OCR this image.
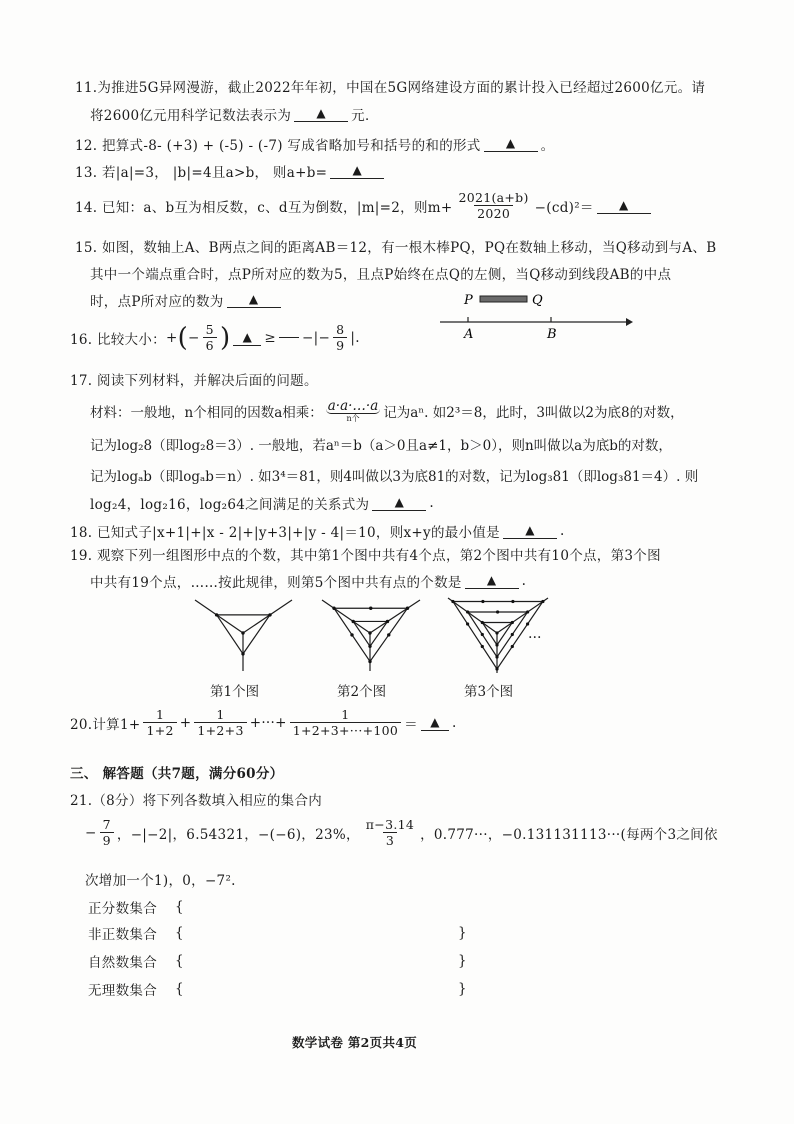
11.为推进5G异网漫游，截止2022年年初，中国在5G网络建设方面的累计投入已经超过2600亿元。请
将2600亿元用科学记数法表示为	▲	元．
12. 把算式-8- (+3) + (-5) - (-7) 写成省略加号和括号的和的形式	▲	。
13. 若|a|=3， |b|=4且a>b， 则a+b=	▲
14. 已知：a、b互为相反数，c、d互为倒数，|m|=2，则$m+ \frac{2021(a+b)}{2020} -(cd)^2=$	▲
15. 如图，数轴上A、B两点之间的距离AB＝12，有一根木棒PQ，PQ在数轴上移动，当Q移动到与A、B
其中一个端点重合时，点P所对应的数为5，且点P始终在点Q的左侧，当Q移动到线段AB的中点
时，点P所对应的数为	▲	P	Q
A	B
16. 比较大小： + ( − $\frac{5}{6}$ )	▲ ≥ −|− $\frac{8}{9}$ |.
17. 阅读下列材料，并解决后面的问题。
材料：一般地，n个相同的因数a相乘： a·a·…·a
n个 记为aⁿ. 如2³＝8，此时，3叫做以2为底8的对数，
记为log₂8（即log₂8＝3）. 一般地，若aⁿ＝b（a＞0且a≠1，b＞0），则n叫做以a为底b的对数，
记为logₐb（即logₐb＝n）. 如3⁴＝81，则4叫做以3为底81的对数，记为log₃81（即log₃81＝4）. 则
log₂4，log₂16，log₂64之间满足的关系式为	▲	.
18. 已知式子|x+1|+|x - 2|+|y+3|+|y - 4|＝10，则x+y的最小值是	▲	.
19. 观察下列一组图形中点的个数，其中第1个图中共有4个点，第2个图中共有10个点，第3个图
中共有19个点，……按此规律，则第5个图中共有点的个数是	▲	.
…
第1个图	第2个图	第3个图
20.计算$1+ \frac{1}{1+2} + \frac{1}{1+2+3}$ +···+ $\frac{1}{1+2+3+\cdot\cdot\cdot+100}$ ＝	▲ .
三、 解答题（共7题，满分60分）
21.（8分）将下列各数填入相应的集合内
− $\frac{7}{9}$ ，−|−2|，6.54321，−(−6)，23%， $\frac{\pi-3.14}{3}$ ，0.777···，−0.131131113···(每两个3之间依
次增加一个1)，0，−7².
正分数集合	{
非正数集合	{	}
自然数集合	{	}
无理数集合	{	}
数学试卷 第2页共4页
